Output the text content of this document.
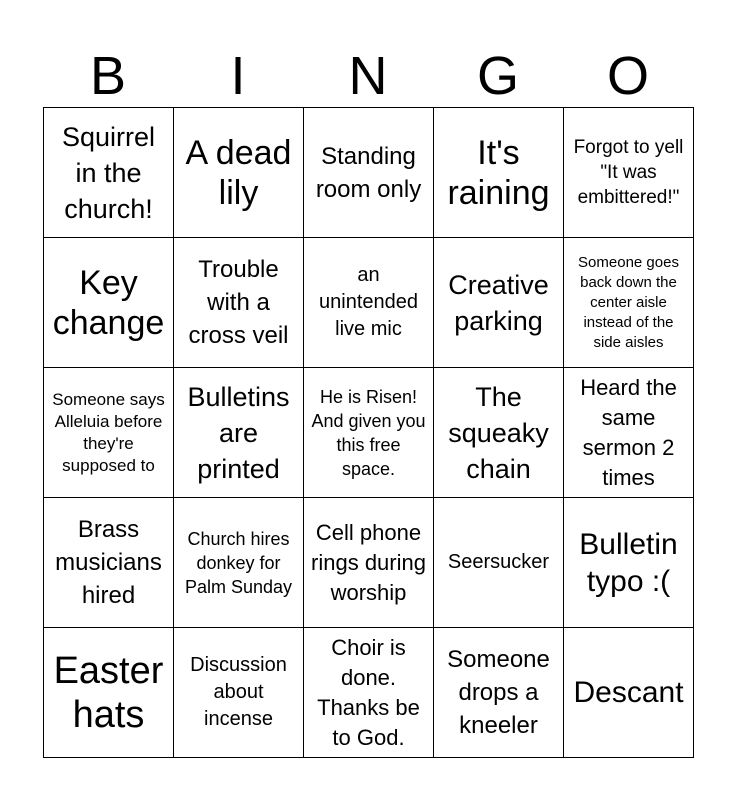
B	I	N	G	O
Squirrel in the church!	A dead lily	Standing room only	It's raining	Forgot to yell "It was embittered!"

Key change	Trouble with a cross veil	an unintended live mic	Creative parking	Someone goes back down the center aisle instead of the side aisles

Someone says Alleluia before they're supposed to	Bulletins are printed	He is Risen! And given you this free space.	The squeaky chain	Heard the same sermon 2 times

Brass musicians hired	Church hires donkey for Palm Sunday	Cell phone rings during worship	Seersucker	Bulletin typo :(

Easter hats	Discussion about incense	Choir is done. Thanks be to God.	Someone drops a kneeler	Descant
